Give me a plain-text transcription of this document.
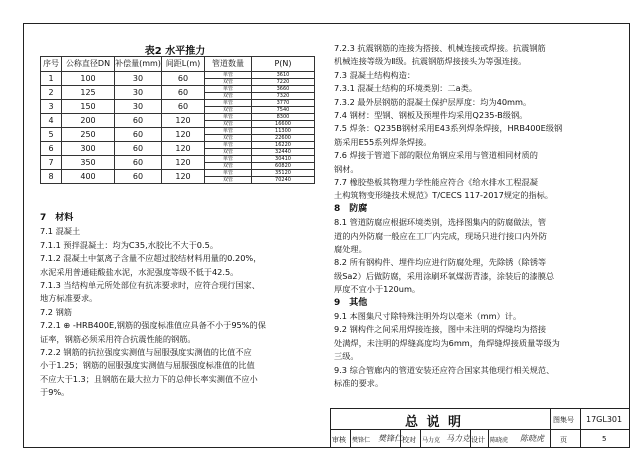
表2 水平推力
序号	公称直径DN	补偿量(mm)	间距L(m)	管道数量	P(N)
1	100	30	60	单管	3610
				双管	7220
2	125	30	60	单管	3660
				双管	7320
3	150	30	60	单管	3770
				双管	7540
4	200	60	120	单管	8300
				双管	16600
5	250	60	120	单管	11300
				双管	22600
6	300	60	120	单管	16220
				双管	32440
7	350	60	120	单管	30410
				双管	60820
8	400	60	120	单管	35120
				双管	70240
7　材料
7.1 混凝土
7.1.1 预拌混凝土：均为C35,水胶比不大于0.5。
7.1.2 混凝土中氯离子含量不应超过胶结材料用量的0.20%，
水泥采用普通硅酸盐水泥，水泥强度等级不低于42.5。
7.1.3 当结构单元所处部位有抗冻要求时，应符合现行国家、
地方标准要求。
7.2 钢筋
7.2.1 ⊕ -HRB400E,钢筋的强度标准值应具备不小于95%的保
证率，钢筋必须采用符合抗震性能的钢筋。
7.2.2 钢筋的抗拉强度实测值与屈服强度实测值的比值不应
小于1.25；钢筋的屈服强度实测值与屈服强度标准值的比值
不应大于1.3；且钢筋在最大拉力下的总伸长率实测值不应小
于9%。
7.2.3 抗震钢筋的连接为搭接、机械连接或焊接。抗震钢筋
机械连接等级为Ⅱ级。抗震钢筋焊接接头为等强连接。
7.3 混凝土结构构造：
7.3.1 混凝土结构的环境类别：二a类。
7.3.2 最外层钢筋的混凝土保护层厚度：均为40mm。
7.4 钢材：型钢、钢板及预埋件均采用Q235-B级钢。
7.5 焊条：Q235B钢材采用E43系列焊条焊接，HRB400E级钢
筋采用E55系列焊条焊接。
7.6 焊接于管道下部的限位角钢应采用与管道相同材质的
钢材。
7.7 橡胶垫板其物理力学性能应符合《给水排水工程混凝
土构筑物变形缝技术规范》T/CECS 117-2017规定的指标。
8　防腐
8.1 管道防腐应根据环境类别，选择图集内的防腐做法，管
道的内外防腐一般应在工厂内完成，现场只进行接口内外防
腐处理。
8.2 所有钢构件、埋件均应进行防腐处理，先除锈（除锈等
级Sa2）后做防腐，采用涂刷环氧煤沥青漆，涂装后的漆膜总
厚度不宜小于120um。
9　其他
9.1 本图集尺寸除特殊注明外均以毫米（mm）计。
9.2 钢构件之间采用焊接连接，图中未注明的焊缝均为搭接
处满焊，未注明的焊缝高度均为6mm，角焊缝焊接质量等级为
三级。
9.3 综合管廊内的管道安装还应符合国家其他现行相关规范、
标准的要求。
总 说 明	图集号 17GL301
审核 樊锋仁 樊锋仁 校对 马力克 马力克 设计 陈晓虎 陈晓虎 页	5
